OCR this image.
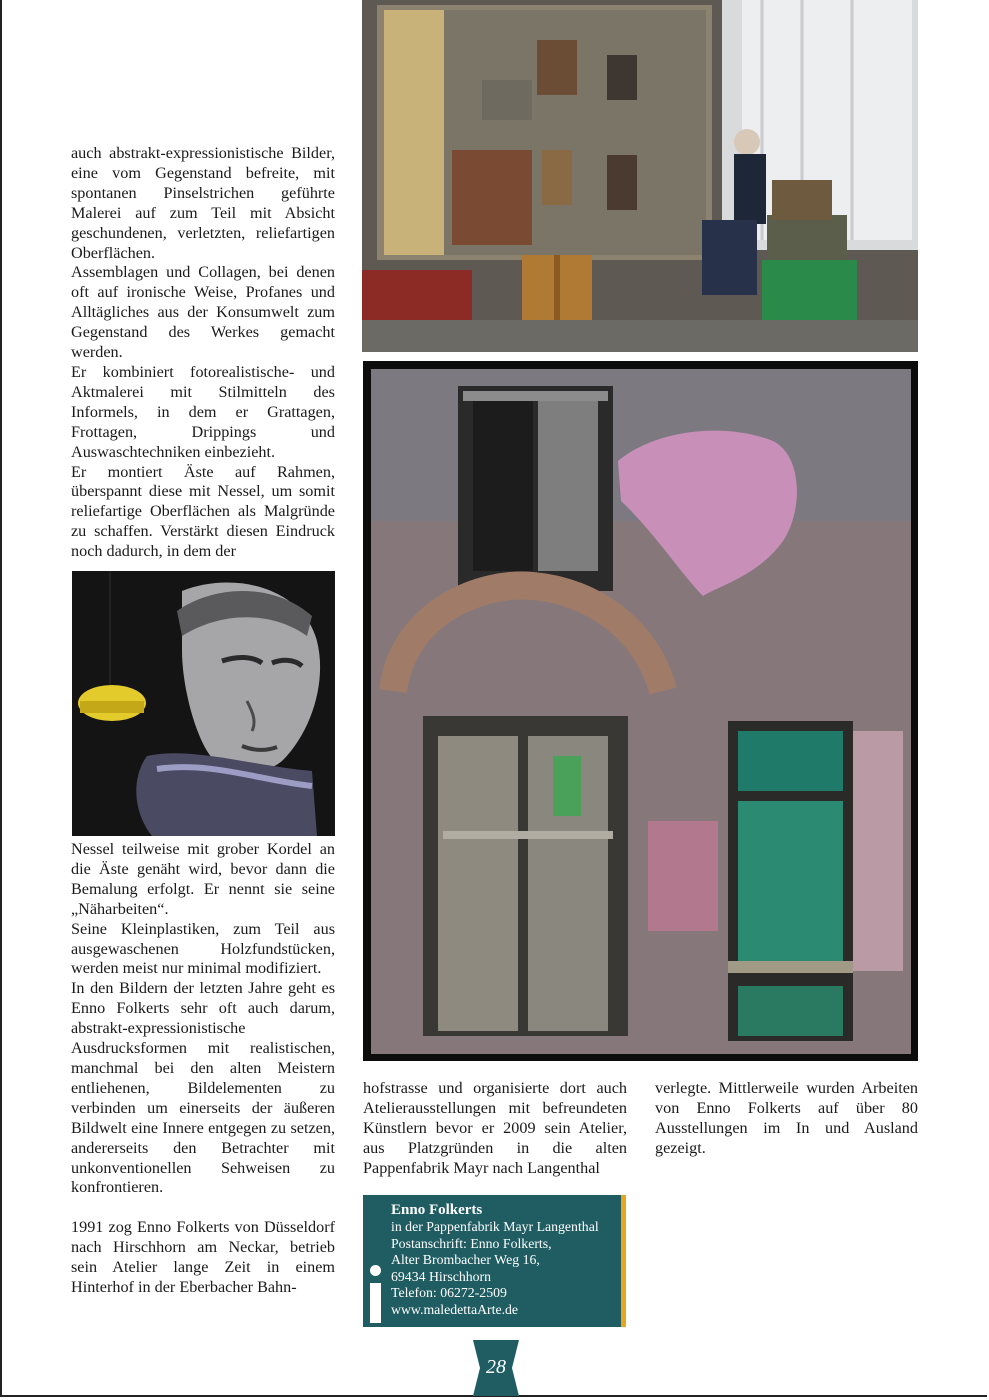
auch abstrakt-expressionistische Bilder, eine vom Gegenstand befreite, mit spontanen Pinselstrichen geführte Malerei auf zum Teil mit Absicht geschundenen, verletzten, reliefartigen Oberflächen.

Assemblagen und Collagen, bei denen oft auf ironische Weise, Profanes und Alltägliches aus der Konsumwelt zum Gegenstand des Werkes gemacht werden.

Er kombiniert fotorealistische- und Aktmalerei mit Stilmitteln des Informels, in dem er Grattagen, Frottagen, Drippings und Auswaschtechniken einbezieht.

Er montiert Äste auf Rahmen, überspannt diese mit Nessel, um somit reliefartige Oberflächen als Malgründe zu schaffen. Verstärkt diesen Eindruck noch dadurch, in dem der

Nessel teilweise mit grober Kordel an die Äste genäht wird, bevor dann die Bemalung erfolgt. Er nennt sie seine „Näharbeiten“.

Seine Kleinplastiken, zum Teil aus ausgewaschenen Holzfundstücken, werden meist nur minimal modifiziert.

In den Bildern der letzten Jahre geht es Enno Folkerts sehr oft auch darum, abstrakt-expressionistische Ausdrucksformen mit realistischen, manchmal bei den alten Meistern entliehenen, Bildelementen zu verbinden um einerseits der äußeren Bildwelt eine Innere entgegen zu setzen, andererseits den Betrachter mit unkonventionellen Sehweisen zu konfrontieren.

1991 zog Enno Folkerts von Düsseldorf nach Hirschhorn am Neckar, betrieb sein Atelier lange Zeit in einem Hinterhof in der Eberbacher Bahn-

hofstrasse und organisierte dort auch Atelierausstellungen mit befreundeten Künstlern bevor er 2009 sein Atelier, aus Platzgründen in die alten Pappenfabrik Mayr nach Langenthal

verlegte. Mittlerweile wurden Arbeiten von Enno Folkerts auf über 80 Ausstellungen im In und Ausland gezeigt.

Enno Folkerts
in der Pappenfabrik Mayr Langenthal
Postanschrift: Enno Folkerts,
Alter Brombacher Weg 16,
69434 Hirschhorn
Telefon: 06272-2509
www.maledettaArte.de
28
